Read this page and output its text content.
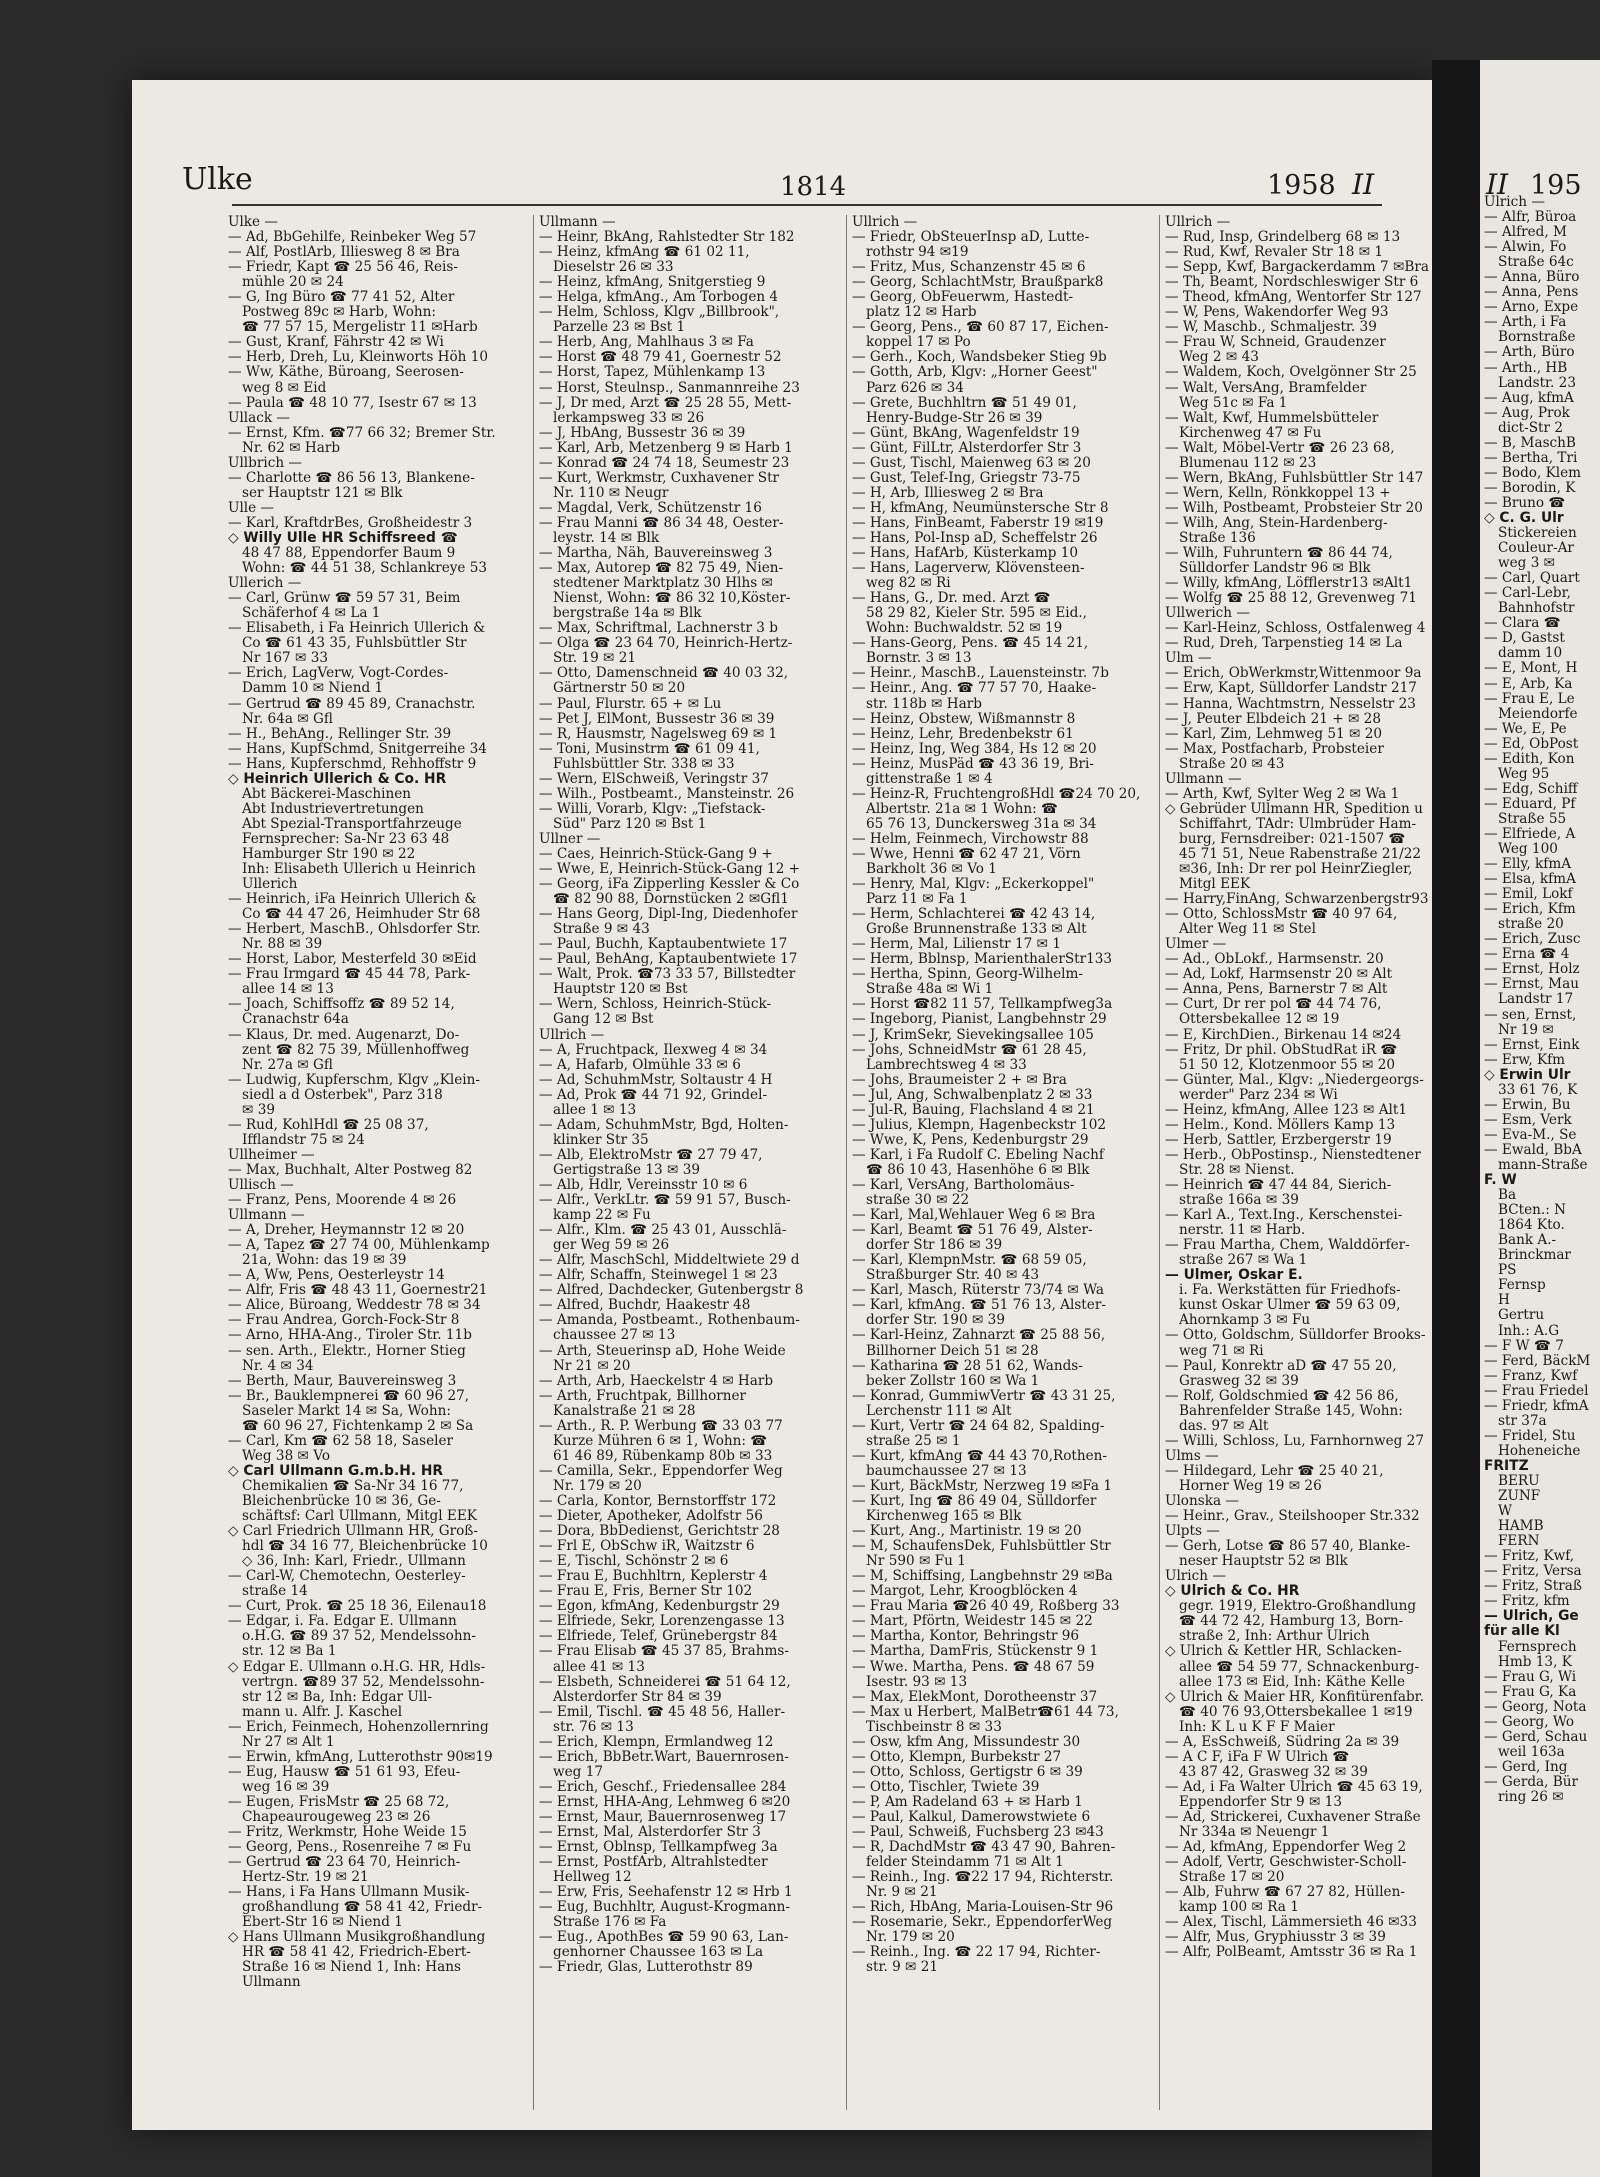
Ulke	1814	1958 II
Ulke —
— Ad, BbGehilfe, Reinbeker Weg 57
— Alf, PostlArb, Illiesweg 8 ✉ Bra
— Friedr, Kapt ☎ 25 56 46, Reis-
mühle 20 ✉ 24
— G, Ing Büro ☎ 77 41 52, Alter
Postweg 89c ✉ Harb, Wohn:
☎ 77 57 15, Mergelistr 11 ✉Harb
— Gust, Kranf, Fährstr 42 ✉ Wi
— Herb, Dreh, Lu, Kleinworts Höh 10
— Ww, Käthe, Büroang, Seerosen-
weg 8 ✉ Eid
— Paula ☎ 48 10 77, Isestr 67 ✉ 13
Ullack —
— Ernst, Kfm. ☎77 66 32; Bremer Str.
Nr. 62 ✉ Harb
Ullbrich —
— Charlotte ☎ 86 56 13, Blankene-
ser Hauptstr 121 ✉ Blk
Ulle —
— Karl, KraftdrBes, Großheidestr 3
◇ Willy Ulle HR Schiffsreed ☎
48 47 88, Eppendorfer Baum 9
Wohn: ☎ 44 51 38, Schlankreye 53
Ullerich —
— Carl, Grünw ☎ 59 57 31, Beim
Schäferhof 4 ✉ La 1
— Elisabeth, i Fa Heinrich Ullerich &
Co ☎ 61 43 35, Fuhlsbüttler Str
Nr 167 ✉ 33
— Erich, LagVerw, Vogt-Cordes-
Damm 10 ✉ Niend 1
— Gertrud ☎ 89 45 89, Cranachstr.
Nr. 64a ✉ Gfl
— H., BehAng., Rellinger Str. 39
— Hans, KupfSchmd, Snitgerreihe 34
— Hans, Kupferschmd, Rehhoffstr 9
◇ Heinrich Ullerich & Co. HR
Abt Bäckerei-Maschinen
Abt Industrievertretungen
Abt Spezial-Transportfahrzeuge
Fernsprecher: Sa-Nr 23 63 48
Hamburger Str 190 ✉ 22
Inh: Elisabeth Ullerich u Heinrich
Ullerich
— Heinrich, iFa Heinrich Ullerich &
Co ☎ 44 47 26, Heimhuder Str 68
— Herbert, MaschB., Ohlsdorfer Str.
Nr. 88 ✉ 39
— Horst, Labor, Mesterfeld 30 ✉Eid
— Frau Irmgard ☎ 45 44 78, Park-
allee 14 ✉ 13
— Joach, Schiffsoffz ☎ 89 52 14,
Cranachstr 64a
— Klaus, Dr. med. Augenarzt, Do-
zent ☎ 82 75 39, Müllenhoffweg
Nr. 27a ✉ Gfl
— Ludwig, Kupferschm, Klgv „Klein-
siedl a d Osterbek", Parz 318
✉ 39
— Rud, KohlHdl ☎ 25 08 37,
Ifflandstr 75 ✉ 24
Ullheimer —
— Max, Buchhalt, Alter Postweg 82
Ullisch —
— Franz, Pens, Moorende 4 ✉ 26
Ullmann —
— A, Dreher, Heymannstr 12 ✉ 20
— A, Tapez ☎ 27 74 00, Mühlenkamp
21a, Wohn: das 19 ✉ 39
— A, Ww, Pens, Oesterleystr 14
— Alfr, Fris ☎ 48 43 11, Goernestr21
— Alice, Büroang, Weddestr 78 ✉ 34
— Frau Andrea, Gorch-Fock-Str 8
— Arno, HHA-Ang., Tiroler Str. 11b
— sen. Arth., Elektr., Horner Stieg
Nr. 4 ✉ 34
— Berth, Maur, Bauvereinsweg 3
— Br., Bauklempnerei ☎ 60 96 27,
Saseler Markt 14 ✉ Sa, Wohn:
☎ 60 96 27, Fichtenkamp 2 ✉ Sa
— Carl, Km ☎ 62 58 18, Saseler
Weg 38 ✉ Vo
◇ Carl Ullmann G.m.b.H. HR
Chemikalien ☎ Sa-Nr 34 16 77,
Bleichenbrücke 10 ✉ 36, Ge-
schäftsf: Carl Ullmann, Mitgl EEK
◇ Carl Friedrich Ullmann HR, Groß-
hdl ☎ 34 16 77, Bleichenbrücke 10
◇ 36, Inh: Karl, Friedr., Ullmann
— Carl-W, Chemotechn, Oesterley-
straße 14
— Curt, Prok. ☎ 25 18 36, Eilenau18
— Edgar, i. Fa. Edgar E. Ullmann
o.H.G. ☎ 89 37 52, Mendelssohn-
str. 12 ✉ Ba 1
◇ Edgar E. Ullmann o.H.G. HR, Hdls-
vertrgn. ☎89 37 52, Mendelssohn-
str 12 ✉ Ba, Inh: Edgar Ull-
mann u. Alfr. J. Kaschel
— Erich, Feinmech, Hohenzollernring
Nr 27 ✉ Alt 1
— Erwin, kfmAng, Lutterothstr 90✉19
— Eug, Hausw ☎ 51 61 93, Efeu-
weg 16 ✉ 39
— Eugen, FrisMstr ☎ 25 68 72,
Chapeaurougeweg 23 ✉ 26
— Fritz, Werkmstr, Hohe Weide 15
— Georg, Pens., Rosenreihe 7 ✉ Fu
— Gertrud ☎ 23 64 70, Heinrich-
Hertz-Str. 19 ✉ 21
— Hans, i Fa Hans Ullmann Musik-
großhandlung ☎ 58 41 42, Friedr-
Ebert-Str 16 ✉ Niend 1
◇ Hans Ullmann Musikgroßhandlung
HR ☎ 58 41 42, Friedrich-Ebert-
Straße 16 ✉ Niend 1, Inh: Hans
Ullmann
Ullmann —
— Heinr, BkAng, Rahlstedter Str 182
— Heinz, kfmAng ☎ 61 02 11,
Dieselstr 26 ✉ 33
— Heinz, kfmAng, Snitgerstieg 9
— Helga, kfmAng., Am Torbogen 4
— Helm, Schloss, Klgv „Billbrook",
Parzelle 23 ✉ Bst 1
— Herb, Ang, Mahlhaus 3 ✉ Fa
— Horst ☎ 48 79 41, Goernestr 52
— Horst, Tapez, Mühlenkamp 13
— Horst, Steulnsp., Sanmannreihe 23
— J, Dr med, Arzt ☎ 25 28 55, Mett-
lerkampsweg 33 ✉ 26
— J, HbAng, Bussestr 36 ✉ 39
— Karl, Arb, Metzenberg 9 ✉ Harb 1
— Konrad ☎ 24 74 18, Seumestr 23
— Kurt, Werkmstr, Cuxhavener Str
Nr. 110 ✉ Neugr
— Magdal, Verk, Schützenstr 16
— Frau Manni ☎ 86 34 48, Oester-
leystr. 14 ✉ Blk
— Martha, Näh, Bauvereinsweg 3
— Max, Autorep ☎ 82 75 49, Nien-
stedtener Marktplatz 30 Hlhs ✉
Nienst, Wohn: ☎ 86 32 10,Köster-
bergstraße 14a ✉ Blk
— Max, Schriftmal, Lachnerstr 3 b
— Olga ☎ 23 64 70, Heinrich-Hertz-
Str. 19 ✉ 21
— Otto, Damenschneid ☎ 40 03 32,
Gärtnerstr 50 ✉ 20
— Paul, Flurstr. 65 + ✉ Lu
— Pet J, ElMont, Bussestr 36 ✉ 39
— R, Hausmstr, Nagelsweg 69 ✉ 1
— Toni, Musinstrm ☎ 61 09 41,
Fuhlsbüttler Str. 338 ✉ 33
— Wern, ElSchweiß, Veringstr 37
— Wilh., Postbeamt., Mansteinstr. 26
— Willi, Vorarb, Klgv: „Tiefstack-
Süd" Parz 120 ✉ Bst 1
Ullner —
— Caes, Heinrich-Stück-Gang 9 +
— Wwe, E, Heinrich-Stück-Gang 12 +
— Georg, iFa Zipperling Kessler & Co
☎ 82 90 88, Dornstücken 2 ✉Gfl1
— Hans Georg, Dipl-Ing, Diedenhofer
Straße 9 ✉ 43
— Paul, Buchh, Kaptaubentwiete 17
— Paul, BehAng, Kaptaubentwiete 17
— Walt, Prok. ☎73 33 57, Billstedter
Hauptstr 120 ✉ Bst
— Wern, Schloss, Heinrich-Stück-
Gang 12 ✉ Bst
Ullrich —
— A, Fruchtpack, Ilexweg 4 ✉ 34
— A, Hafarb, Olmühle 33 ✉ 6
— Ad, SchuhmMstr, Soltaustr 4 H
— Ad, Prok ☎ 44 71 92, Grindel-
allee 1 ✉ 13
— Adam, SchuhmMstr, Bgd, Holten-
klinker Str 35
— Alb, ElektroMstr ☎ 27 79 47,
Gertigstraße 13 ✉ 39
— Alb, Hdlr, Vereinsstr 10 ✉ 6
— Alfr., VerkLtr. ☎ 59 91 57, Busch-
kamp 22 ✉ Fu
— Alfr., Klm. ☎ 25 43 01, Ausschlä-
ger Weg 59 ✉ 26
— Alfr, MaschSchl, Middeltwiete 29 d
— Alfr, Schaffn, Steinwegel 1 ✉ 23
— Alfred, Dachdecker, Gutenbergstr 8
— Alfred, Buchdr, Haakestr 48
— Amanda, Postbeamt., Rothenbaum-
chaussee 27 ✉ 13
— Arth, Steuerinsp aD, Hohe Weide
Nr 21 ✉ 20
— Arth, Arb, Haeckelstr 4 ✉ Harb
— Arth, Fruchtpak, Billhorner
Kanalstraße 21 ✉ 28
— Arth., R. P. Werbung ☎ 33 03 77
Kurze Mühren 6 ✉ 1, Wohn: ☎
61 46 89, Rübenkamp 80b ✉ 33
— Camilla, Sekr., Eppendorfer Weg
Nr. 179 ✉ 20
— Carla, Kontor, Bernstorffstr 172
— Dieter, Apotheker, Adolfstr 56
— Dora, BbDedienst, Gerichtstr 28
— Frl E, ObSchw iR, Waitzstr 6
— E, Tischl, Schönstr 2 ✉ 6
— Frau E, Buchhltrn, Keplerstr 4
— Frau E, Fris, Berner Str 102
— Egon, kfmAng, Kedenburgstr 29
— Elfriede, Sekr, Lorenzengasse 13
— Elfriede, Telef, Grünebergstr 84
— Frau Elisab ☎ 45 37 85, Brahms-
allee 41 ✉ 13
— Elsbeth, Schneiderei ☎ 51 64 12,
Alsterdorfer Str 84 ✉ 39
— Emil, Tischl. ☎ 45 48 56, Haller-
str. 76 ✉ 13
— Erich, Klempn, Ermlandweg 12
— Erich, BbBetr.Wart, Bauernrosen-
weg 17
— Erich, Geschf., Friedensallee 284
— Ernst, HHA-Ang, Lehmweg 6 ✉20
— Ernst, Maur, Bauernrosenweg 17
— Ernst, Mal, Alsterdorfer Str 3
— Ernst, Oblnsp, Tellkampfweg 3a
— Ernst, PostfArb, Altrahlstedter
Hellweg 12
— Erw, Fris, Seehafenstr 12 ✉ Hrb 1
— Eug, Buchhltr, August-Krogmann-
Straße 176 ✉ Fa
— Eug., ApothBes ☎ 59 90 63, Lan-
genhorner Chaussee 163 ✉ La
— Friedr, Glas, Lutterothstr 89
Ullrich —
— Friedr, ObSteuerInsp aD, Lutte-
rothstr 94 ✉19
— Fritz, Mus, Schanzenstr 45 ✉ 6
— Georg, SchlachtMstr, Braußpark8
— Georg, ObFeuerwm, Hastedt-
platz 12 ✉ Harb
— Georg, Pens., ☎ 60 87 17, Eichen-
koppel 17 ✉ Po
— Gerh., Koch, Wandsbeker Stieg 9b
— Gotth, Arb, Klgv: „Horner Geest"
Parz 626 ✉ 34
— Grete, Buchhltrn ☎ 51 49 01,
Henry-Budge-Str 26 ✉ 39
— Günt, BkAng, Wagenfeldstr 19
— Günt, FilLtr, Alsterdorfer Str 3
— Gust, Tischl, Maienweg 63 ✉ 20
— Gust, Telef-Ing, Griegstr 73-75
— H, Arb, Illiesweg 2 ✉ Bra
— H, kfmAng, Neumünstersche Str 8
— Hans, FinBeamt, Faberstr 19 ✉19
— Hans, Pol-Insp aD, Scheffelstr 26
— Hans, HafArb, Küsterkamp 10
— Hans, Lagerverw, Klövensteen-
weg 82 ✉ Ri
— Hans, G., Dr. med. Arzt ☎
58 29 82, Kieler Str. 595 ✉ Eid.,
Wohn: Buchwaldstr. 52 ✉ 19
— Hans-Georg, Pens. ☎ 45 14 21,
Bornstr. 3 ✉ 13
— Heinr., MaschB., Lauensteinstr. 7b
— Heinr., Ang. ☎ 77 57 70, Haake-
str. 118b ✉ Harb
— Heinz, Obstew, Wißmannstr 8
— Heinz, Lehr, Bredenbekstr 61
— Heinz, Ing, Weg 384, Hs 12 ✉ 20
— Heinz, MusPäd ☎ 43 36 19, Bri-
gittenstraße 1 ✉ 4
— Heinz-R, FruchtengroßHdl ☎24 70 20,
Albertstr. 21a ✉ 1 Wohn: ☎
65 76 13, Dunckersweg 31a ✉ 34
— Helm, Feinmech, Virchowstr 88
— Wwe, Henni ☎ 62 47 21, Vörn
Barkholt 36 ✉ Vo 1
— Henry, Mal, Klgv: „Eckerkoppel"
Parz 11 ✉ Fa 1
— Herm, Schlachterei ☎ 42 43 14,
Große Brunnenstraße 133 ✉ Alt
— Herm, Mal, Lilienstr 17 ✉ 1
— Herm, Bblnsp, MarienthalerStr133
— Hertha, Spinn, Georg-Wilhelm-
Straße 48a ✉ Wi 1
— Horst ☎82 11 57, Tellkampfweg3a
— Ingeborg, Pianist, Langbehnstr 29
— J, KrimSekr, Sievekingsallee 105
— Johs, SchneidMstr ☎ 61 28 45,
Lambrechtsweg 4 ✉ 33
— Johs, Braumeister 2 + ✉ Bra
— Jul, Ang, Schwalbenplatz 2 ✉ 33
— Jul-R, Bauing, Flachsland 4 ✉ 21
— Julius, Klempn, Hagenbeckstr 102
— Wwe, K, Pens, Kedenburgstr 29
— Karl, i Fa Rudolf C. Ebeling Nachf
☎ 86 10 43, Hasenhöhe 6 ✉ Blk
— Karl, VersAng, Bartholomäus-
straße 30 ✉ 22
— Karl, Mal,Wehlauer Weg 6 ✉ Bra
— Karl, Beamt ☎ 51 76 49, Alster-
dorfer Str 186 ✉ 39
— Karl, KlempnMstr. ☎ 68 59 05,
Straßburger Str. 40 ✉ 43
— Karl, Masch, Rüterstr 73/74 ✉ Wa
— Karl, kfmAng. ☎ 51 76 13, Alster-
dorfer Str. 190 ✉ 39
— Karl-Heinz, Zahnarzt ☎ 25 88 56,
Billhorner Deich 51 ✉ 28
— Katharina ☎ 28 51 62, Wands-
beker Zollstr 160 ✉ Wa 1
— Konrad, GummiwVertr ☎ 43 31 25,
Lerchenstr 111 ✉ Alt
— Kurt, Vertr ☎ 24 64 82, Spalding-
straße 25 ✉ 1
— Kurt, kfmAng ☎ 44 43 70,Rothen-
baumchaussee 27 ✉ 13
— Kurt, BäckMstr, Nerzweg 19 ✉Fa 1
— Kurt, Ing ☎ 86 49 04, Sülldorfer
Kirchenweg 165 ✉ Blk
— Kurt, Ang., Martinistr. 19 ✉ 20
— M, SchaufensDek, Fuhlsbüttler Str
Nr 590 ✉ Fu 1
— M, Schiffsing, Langbehnstr 29 ✉Ba
— Margot, Lehr, Kroogblöcken 4
— Frau Maria ☎26 40 49, Roßberg 33
— Mart, Pförtn, Weidestr 145 ✉ 22
— Martha, Kontor, Behringstr 96
— Martha, DamFris, Stückenstr 9 1
— Wwe. Martha, Pens. ☎ 48 67 59
Isestr. 93 ✉ 13
— Max, ElekMont, Dorotheenstr 37
— Max u Herbert, MalBetr☎61 44 73,
Tischbeinstr 8 ✉ 33
— Osw, kfm Ang, Missundestr 30
— Otto, Klempn, Burbekstr 27
— Otto, Schloss, Gertigstr 6 ✉ 39
— Otto, Tischler, Twiete 39
— P, Am Radeland 63 + ✉ Harb 1
— Paul, Kalkul, Damerowstwiete 6
— Paul, Schweiß, Fuchsberg 23 ✉43
— R, DachdMstr ☎ 43 47 90, Bahren-
felder Steindamm 71 ✉ Alt 1
— Reinh., Ing. ☎22 17 94, Richterstr.
Nr. 9 ✉ 21
— Rich, HbAng, Maria-Louisen-Str 96
— Rosemarie, Sekr., EppendorferWeg
Nr. 179 ✉ 20
— Reinh., Ing. ☎ 22 17 94, Richter-
str. 9 ✉ 21
Ullrich —
— Rud, Insp, Grindelberg 68 ✉ 13
— Rud, Kwf, Revaler Str 18 ✉ 1
— Sepp, Kwf, Bargackerdamm 7 ✉Bra
— Th, Beamt, Nordschleswiger Str 6
— Theod, kfmAng, Wentorfer Str 127
— W, Pens, Wakendorfer Weg 93
— W, Maschb., Schmaljestr. 39
— Frau W, Schneid, Graudenzer
Weg 2 ✉ 43
— Waldem, Koch, Övelgönner Str 25
— Walt, VersAng, Bramfelder
Weg 51c ✉ Fa 1
— Walt, Kwf, Hummelsbütteler
Kirchenweg 47 ✉ Fu
— Walt, Möbel-Vertr ☎ 26 23 68,
Blumenau 112 ✉ 23
— Wern, BkAng, Fuhlsbüttler Str 147
— Wern, Kelln, Rönkkoppel 13 +
— Wilh, Postbeamt, Probsteier Str 20
— Wilh, Ang, Stein-Hardenberg-
Straße 136
— Wilh, Fuhruntern ☎ 86 44 74,
Sülldorfer Landstr 96 ✉ Blk
— Willy, kfmAng, Löfflerstr13 ✉Alt1
— Wolfg ☎ 25 88 12, Grevenweg 71
Ullwerich —
— Karl-Heinz, Schloss, Ostfalenweg 4
— Rud, Dreh, Tarpenstieg 14 ✉ La
Ulm —
— Erich, ObWerkmstr,Wittenmoor 9a
— Erw, Kapt, Sülldorfer Landstr 217
— Hanna, Wachtmstrn, Nesselstr 23
— J, Peuter Elbdeich 21 + ✉ 28
— Karl, Zim, Lehmweg 51 ✉ 20
— Max, Postfacharb, Probsteier
Straße 20 ✉ 43
Ullmann —
— Arth, Kwf, Sylter Weg 2 ✉ Wa 1
◇ Gebrüder Ullmann HR, Spedition u
Schiffahrt, TAdr: Ulmbrüder Ham-
burg, Fernsdreiber: 021-1507 ☎
45 71 51, Neue Rabenstraße 21/22
✉36, Inh: Dr rer pol HeinrZiegler,
Mitgl EEK
— Harry,FinAng, Schwarzenbergstr93
— Otto, SchlossMstr ☎ 40 97 64,
Alter Weg 11 ✉ Stel
Ulmer —
— Ad., ObLokf., Harmsenstr. 20
— Ad, Lokf, Harmsenstr 20 ✉ Alt
— Anna, Pens, Barnerstr 7 ✉ Alt
— Curt, Dr rer pol ☎ 44 74 76,
Ottersbekallee 12 ✉ 19
— E, KirchDien., Birkenau 14 ✉24
— Fritz, Dr phil. ObStudRat iR ☎
51 50 12, Klotzenmoor 55 ✉ 20
— Günter, Mal., Klgv: „Niedergeorgs-
werder" Parz 234 ✉ Wi
— Heinz, kfmAng, Allee 123 ✉ Alt1
— Helm., Kond. Möllers Kamp 13
— Herb, Sattler, Erzbergerstr 19
— Herb., ObPostinsp., Nienstedtener
Str. 28 ✉ Nienst.
— Heinrich ☎ 47 44 84, Sierich-
straße 166a ✉ 39
— Karl A., Text.Ing., Kerschenstei-
nerstr. 11 ✉ Harb.
— Frau Martha, Chem, Walddörfer-
straße 267 ✉ Wa 1
— Ulmer, Oskar E.
i. Fa. Werkstätten für Friedhofs-
kunst Oskar Ulmer ☎ 59 63 09,
Ahornkamp 3 ✉ Fu
— Otto, Goldschm, Sülldorfer Brooks-
weg 71 ✉ Ri
— Paul, Konrektr aD ☎ 47 55 20,
Grasweg 32 ✉ 39
— Rolf, Goldschmied ☎ 42 56 86,
Bahrenfelder Straße 145, Wohn:
das. 97 ✉ Alt
— Willi, Schloss, Lu, Farnhornweg 27
Ulms —
— Hildegard, Lehr ☎ 25 40 21,
Horner Weg 19 ✉ 26
Ulonska —
— Heinr., Grav., Steilshooper Str.332
Ulpts —
— Gerh, Lotse ☎ 86 57 40, Blanke-
neser Hauptstr 52 ✉ Blk
Ulrich —
◇ Ulrich & Co. HR
gegr. 1919, Elektro-Großhandlung
☎ 44 72 42, Hamburg 13, Born-
straße 2, Inh: Arthur Ulrich
◇ Ulrich & Kettler HR, Schlacken-
allee ☎ 54 59 77, Schnackenburg-
allee 173 ✉ Eid, Inh: Käthe Kelle
◇ Ulrich & Maier HR, Konfitürenfabr.
☎ 40 76 93,Ottersbekallee 1 ✉19
Inh: K L u K F F Maier
— A, EsSchweiß, Südring 2a ✉ 39
— A C F, iFa F W Ulrich ☎
43 87 42, Grasweg 32 ✉ 39
— Ad, i Fa Walter Ulrich ☎ 45 63 19,
Eppendorfer Str 9 ✉ 13
— Ad, Strickerei, Cuxhavener Straße
Nr 334a ✉ Neuengr 1
— Ad, kfmAng, Eppendorfer Weg 2
— Adolf, Vertr, Geschwister-Scholl-
Straße 17 ✉ 20
— Alb, Fuhrw ☎ 67 27 82, Hüllen-
kamp 100 ✉ Ra 1
— Alex, Tischl, Lämmersieth 46 ✉33
— Alfr, Mus, Gryphiusstr 3 ✉ 39
— Alfr, PolBeamt, Amtsstr 36 ✉ Ra 1
II 195
Ulrich —
— Alfr, Büroa
— Alfred, M
— Alwin, Fo
Straße 64c
— Anna, Büro
— Anna, Pens
— Arno, Expe
— Arth, i Fa
Bornstraße
— Arth, Büro
— Arth., HB
Landstr. 23
— Aug, kfmA
— Aug, Prok
dict-Str 2
— B, MaschB
— Bertha, Tri
— Bodo, Klem
— Borodin, K
— Bruno ☎
◇ C. G. Ulr
Stickereien
Couleur-Ar
weg 3 ✉
— Carl, Quart
— Carl-Lebr,
Bahnhofstr
— Clara ☎
— D, Gastst
damm 10
— E, Mont, H
— E, Arb, Ka
— Frau E, Le
Meiendorfe
— We, E, Pe
— Ed, ObPost
— Edith, Kon
Weg 95
— Edg, Schiff
— Eduard, Pf
Straße 55
— Elfriede, A
Weg 100
— Elly, kfmA
— Elsa, kfmA
— Emil, Lokf
— Erich, Kfm
straße 20
— Erich, Zusc
— Erna ☎ 4
— Ernst, Holz
— Ernst, Mau
Landstr 17
— sen, Ernst,
Nr 19 ✉
— Ernst, Eink
— Erw, Kfm
◇ Erwin Ulr
33 61 76, K
— Erwin, Bu
— Esm, Verk
— Eva-M., Se
— Ewald, BbA
mann-Straße
F. W
Ba
BCten.: N
1864 Kto.
Bank A.-
Brinckmar
PS
Fernsp
H
Gertru
Inh.: A.G
— F W ☎ 7
— Ferd, BäckM
— Franz, Kwf
— Frau Friedel
— Friedr, kfmA
str 37a
— Fridel, Stu
Hoheneiche
FRITZ
BERU
ZUNF
W
HAMB
FERN
— Fritz, Kwf,
— Fritz, Versa
— Fritz, Straß
— Fritz, kfm
— Ulrich, Ge
für alle Kl
Fernsprech
Hmb 13, K
— Frau G, Wi
— Frau G, Ka
— Georg, Nota
— Georg, Wo
— Gerd, Schau
weil 163a
— Gerd, Ing
— Gerda, Bür
ring 26 ✉
